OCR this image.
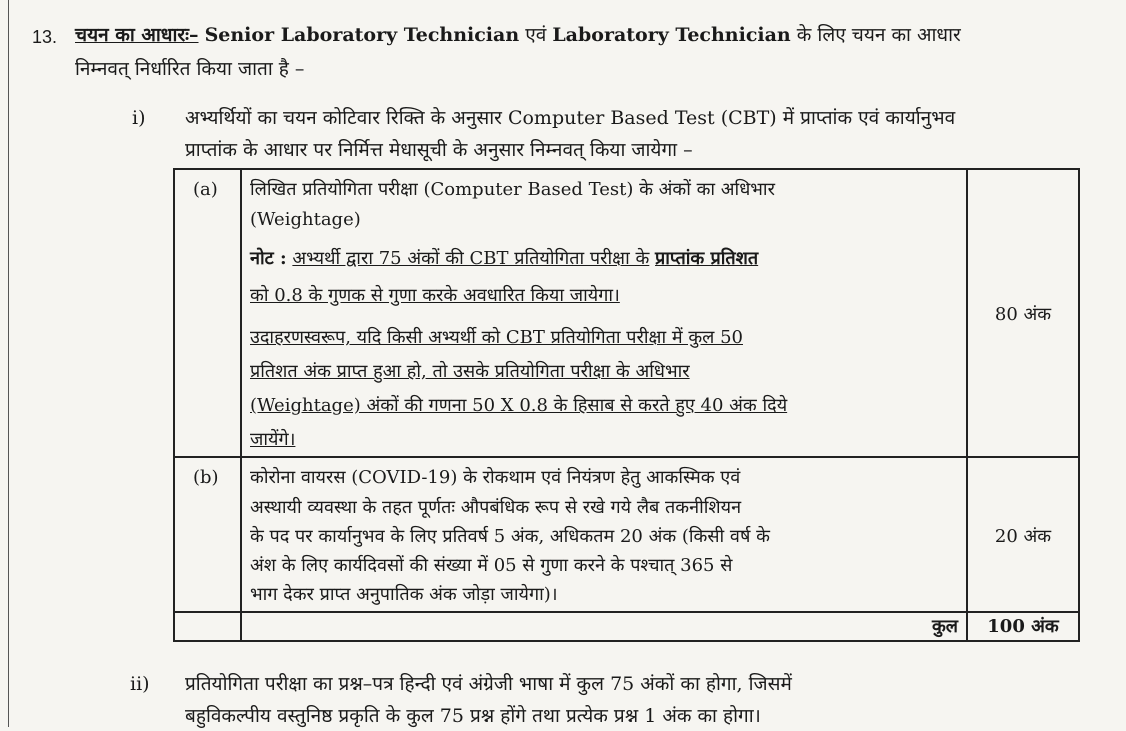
13. चयन का आधारः– Senior Laboratory Technician एवं Laboratory Technician के लिए चयन का आधार
निम्नवत् निर्धारित किया जाता है –
i) अभ्यर्थियों का चयन कोटिवार रिक्ति के अनुसार Computer Based Test (CBT) में प्राप्तांक एवं कार्यानुभव
प्राप्तांक के आधार पर निर्मित्त मेधासूची के अनुसार निम्नवत् किया जायेगा –
(a) लिखित प्रतियोगिता परीक्षा (Computer Based Test) के अंकों का अधिभार
(Weightage)
नोट : अभ्यर्थी द्वारा 75 अंकों की CBT प्रतियोगिता परीक्षा के प्राप्तांक प्रतिशत
को 0.8 के गुणक से गुणा करके अवधारित किया जायेगा।
उदाहरणस्वरूप, यदि किसी अभ्यर्थी को CBT प्रतियोगिता परीक्षा में कुल 50
प्रतिशत अंक प्राप्त हुआ हो, तो उसके प्रतियोगिता परीक्षा के अधिभार
(Weightage) अंकों की गणना 50 X 0.8 के हिसाब से करते हुए 40 अंक दिये
जायेंगे।
80 अंक
(b) कोरोना वायरस (COVID-19) के रोकथाम एवं नियंत्रण हेतु आकस्मिक एवं
अस्थायी व्यवस्था के तहत पूर्णतः औपबंधिक रूप से रखे गये लैब तकनीशियन
के पद पर कार्यानुभव के लिए प्रतिवर्ष 5 अंक, अधिकतम 20 अंक (किसी वर्ष के
अंश के लिए कार्यदिवसों की संख्या में 05 से गुणा करने के पश्चात् 365 से
भाग देकर प्राप्त अनुपातिक अंक जोड़ा जायेगा)।
20 अंक
कुल	100 अंक
ii) प्रतियोगिता परीक्षा का प्रश्न–पत्र हिन्दी एवं अंग्रेजी भाषा में कुल 75 अंकों का होगा, जिसमें
बहुविकल्पीय वस्तुनिष्ठ प्रकृति के कुल 75 प्रश्न होंगे तथा प्रत्येक प्रश्न 1 अंक का होगा।
